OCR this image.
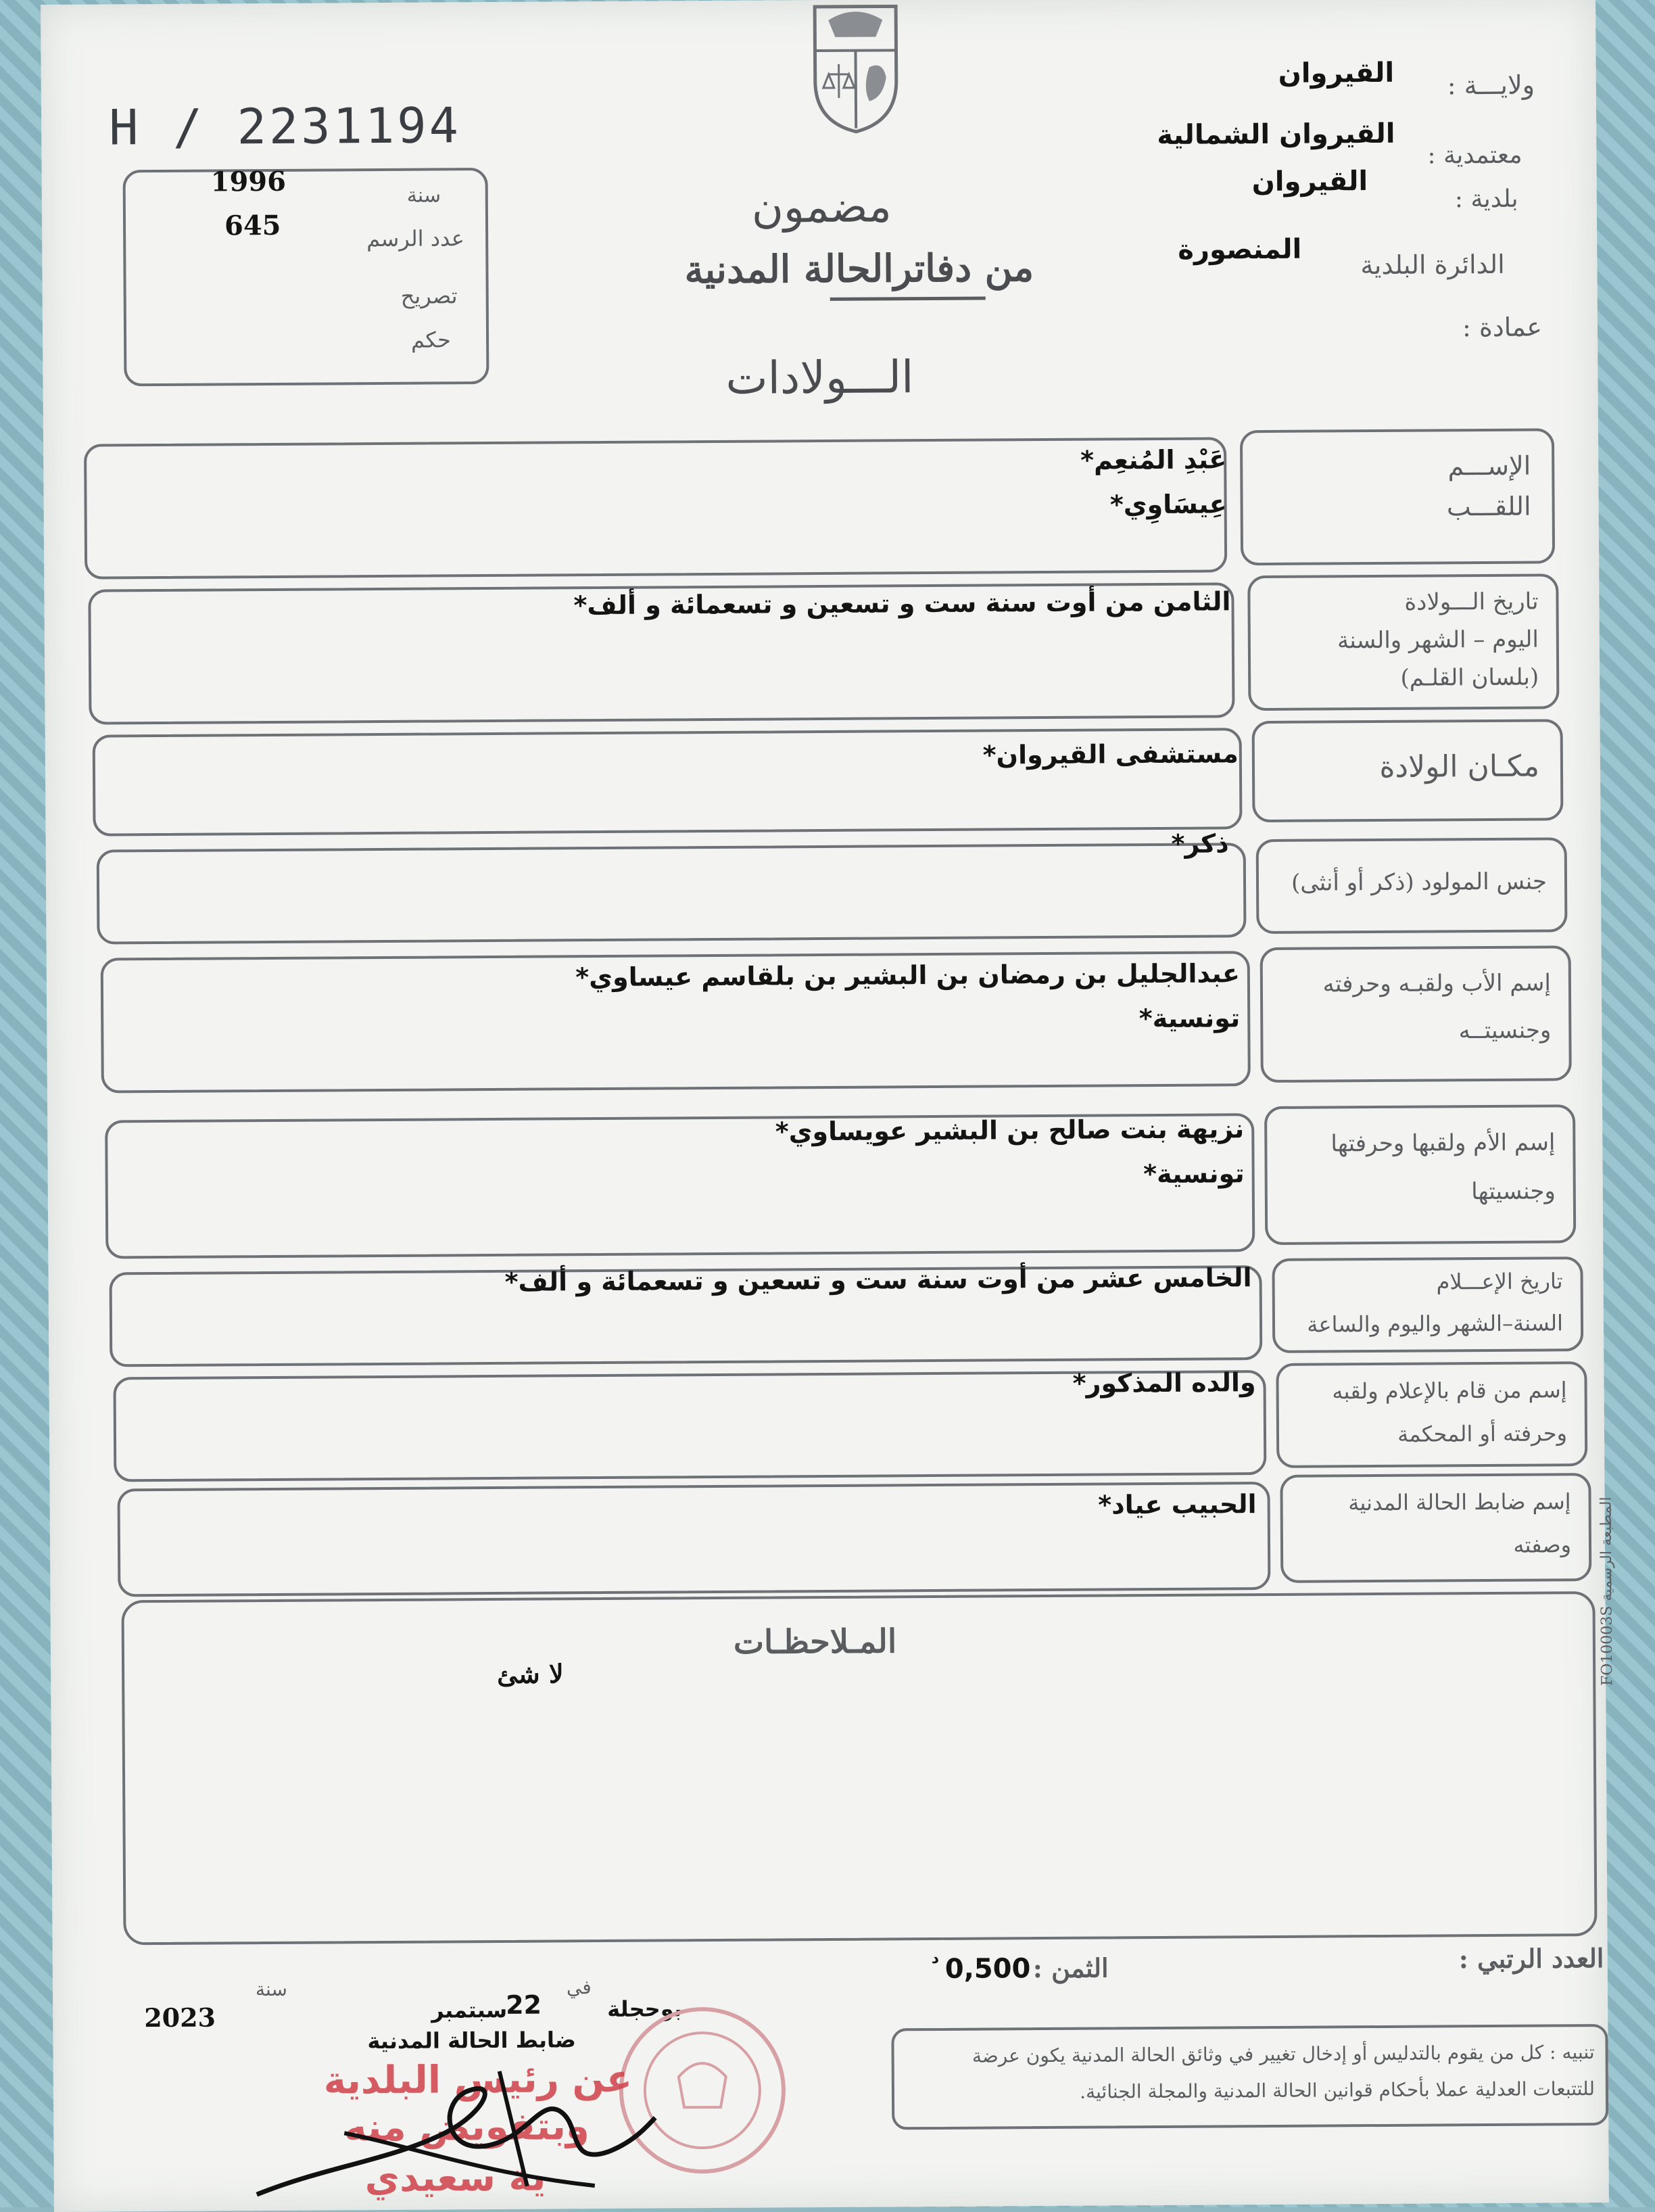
H / 2231194
1996	سنة
645	عدد الرسم
تصريح
حكم
مضمون
من دفاترالحالة المدنية
الـــولادات
ولايـــة :
القيروان
معتمدية :
القيروان الشمالية
بلدية :
القيروان
الدائرة البلدية
المنصورة
عمادة :
الإســـم
اللقـــب
عَبْدِ المُنعِم*
عِيسَاوِي*
تاريخ الـــولادة
اليوم – الشهر والسنة
(بلسان القلـم)
الثامن من أوت سنة ست و تسعين و تسعمائة و ألف*
مكـان الولادة
مستشفى القيروان*
جنس المولود (ذكر أو أنثى)
ذكر*
إسم الأب ولقبـه وحرفته
وجنسيتــه
عبدالجليل بن رمضان بن البشير بن بلقاسم عيساوي*
تونسية*
إسم الأم ولقبها وحرفتها
وجنسيتها
نزيهة بنت صالح بن البشير عويساوي*
تونسية*
تاريخ الإعـــلام
السنة–الشهر واليوم والساعة
الخامس عشر من أوت سنة ست و تسعين و تسعمائة و ألف*
إسم من قام بالإعلام ولقبه
وحرفته أو المحكمة
والده المذكور*
إسم ضابط الحالة المدنية
وصفته
الحبيب عياد*
المـلاحظـات
لا شئ	المطبعة الرسمية FO10003S
العدد الرتبي :
الثمن :
0,500
د
في
سنة
بوحجلة
22
سبتمبر
2023
ضابط الحالة المدنية
تنبيه : كل من يقوم بالتدليس أو إدخال تغيير في وثائق الحالة المدنية يكون عرضة
للتتبعات العدلية عملا بأحكام قوانين الحالة المدنية والمجلة الجنائية.
عن رئيس البلدية
وبتفويض منه
ية سعيدي
